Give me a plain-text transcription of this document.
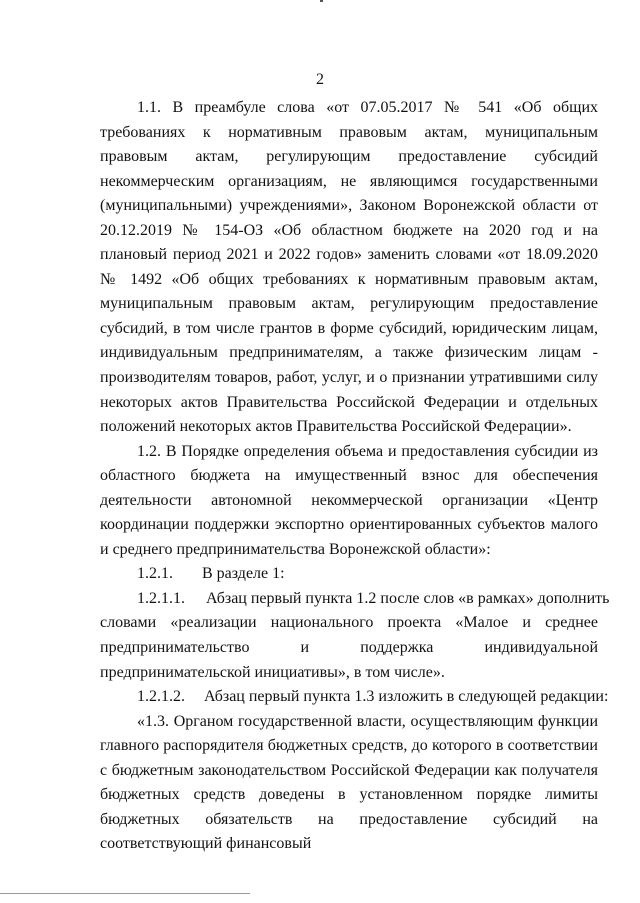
2

1.1. В преамбуле слова «от 07.05.2017 № 541 «Об общих требованиях к нормативным правовым актам, муниципальным правовым актам, регулирующим предоставление субсидий некоммерческим организациям, не являющимся государственными (муниципальными) учреждениями», Законом Воронежской области от 20.12.2019 № 154-ОЗ «Об областном бюджете на 2020 год и на плановый период 2021 и 2022 годов» заменить словами «от 18.09.2020 № 1492 «Об общих требованиях к нормативным правовым актам, муниципальным правовым актам, регулирующим предоставление субсидий, в том числе грантов в форме субсидий, юридическим лицам, индивидуальным предпринимателям, а также физическим лицам - производителям товаров, работ, услуг, и о признании утратившими силу некоторых актов Правительства Российской Федерации и отдельных положений некоторых актов Правительства Российской Федерации».

1.2. В Порядке определения объема и предоставления субсидии из областного бюджета на имущественный взнос для обеспечения деятельности автономной некоммерческой организации «Центр координации поддержки экспортно ориентированных субъектов малого и среднего предпринимательства Воронежской области»:

1.2.1. В разделе 1:

1.2.1.1. Абзац первый пункта 1.2 после слов «в рамках» дополнить

словами «реализации национального проекта «Малое и среднее предпринимательство и поддержка индивидуальной предпринимательской инициативы», в том числе».

1.2.1.2. Абзац первый пункта 1.3 изложить в следующей редакции:

«1.3. Органом государственной власти, осуществляющим функции главного распорядителя бюджетных средств, до которого в соответствии с бюджетным законодательством Российской Федерации как получателя бюджетных средств доведены в установленном порядке лимиты бюджетных обязательств на предоставление субсидий на соответствующий финансовый
